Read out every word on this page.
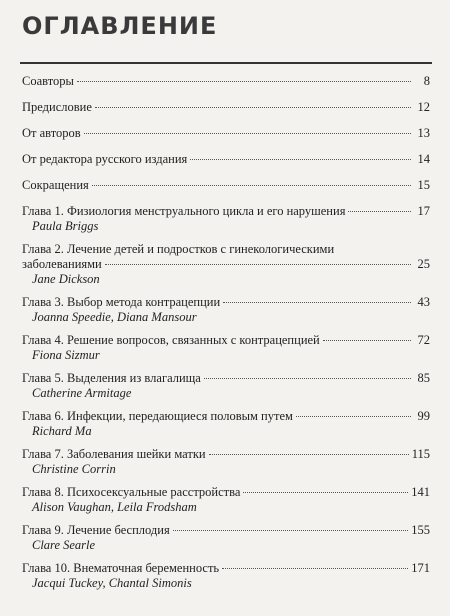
ОГЛАВЛЕНИЕ
Соавторы	8
Предисловие	12
От авторов	13
От редактора русского издания	14
Сокращения	15
Глава 1. Физиология менструального цикла и его нарушения	17
Paula Briggs
Глава 2. Лечение детей и подростков с гинекологическими
заболеваниями	25
Jane Dickson
Глава 3. Выбор метода контрацепции	43
Joanna Speedie, Diana Mansour
Глава 4. Решение вопросов, связанных с контрацепцией	72
Fiona Sizmur
Глава 5. Выделения из влагалища	85
Catherine Armitage
Глава 6. Инфекции, передающиеся половым путем	99
Richard Ma
Глава 7. Заболевания шейки матки	115
Christine Corrin
Глава 8. Психосексуальные расстройства	141
Alison Vaughan, Leila Frodsham
Глава 9. Лечение бесплодия	155
Clare Searle
Глава 10. Внематочная беременность	171
Jacqui Tuckey, Chantal Simonis
